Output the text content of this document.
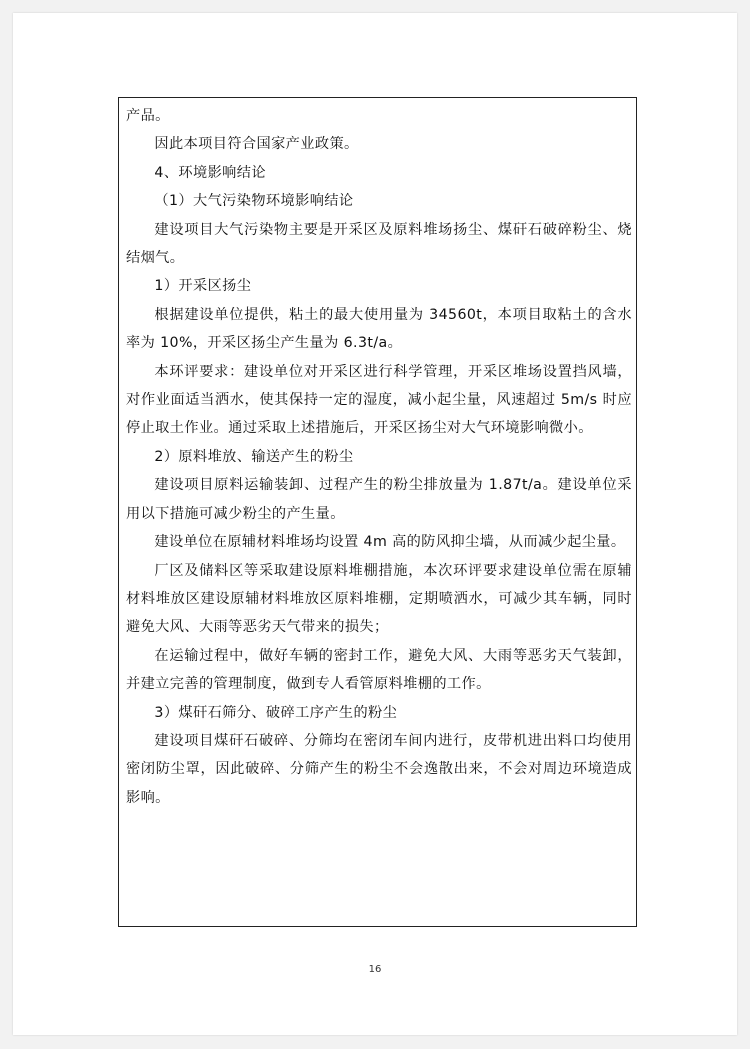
产品。

因此本项目符合国家产业政策。

4、环境影响结论

（1）大气污染物环境影响结论

建设项目大气污染物主要是开采区及原料堆场扬尘、煤矸石破碎粉尘、烧结烟气。

1）开采区扬尘

根据建设单位提供，粘土的最大使用量为 34560t，本项目取粘土的含水率为 10%，开采区扬尘产生量为 6.3t/a。

本环评要求：建设单位对开采区进行科学管理，开采区堆场设置挡风墙，对作业面适当洒水，使其保持一定的湿度，减小起尘量，风速超过 5m/s 时应停止取土作业。通过采取上述措施后，开采区扬尘对大气环境影响微小。

2）原料堆放、输送产生的粉尘

建设项目原料运输装卸、过程产生的粉尘排放量为 1.87t/a。建设单位采用以下措施可减少粉尘的产生量。

建设单位在原辅材料堆场均设置 4m 高的防风抑尘墙，从而减少起尘量。

厂区及储料区等采取建设原料堆棚措施，本次环评要求建设单位需在原辅材料堆放区建设原辅材料堆放区原料堆棚，定期喷洒水，可减少其车辆，同时避免大风、大雨等恶劣天气带来的损失；

在运输过程中，做好车辆的密封工作，避免大风、大雨等恶劣天气装卸，并建立完善的管理制度，做到专人看管原料堆棚的工作。

3）煤矸石筛分、破碎工序产生的粉尘

建设项目煤矸石破碎、分筛均在密闭车间内进行，皮带机进出料口均使用密闭防尘罩，因此破碎、分筛产生的粉尘不会逸散出来，不会对周边环境造成影响。

16
